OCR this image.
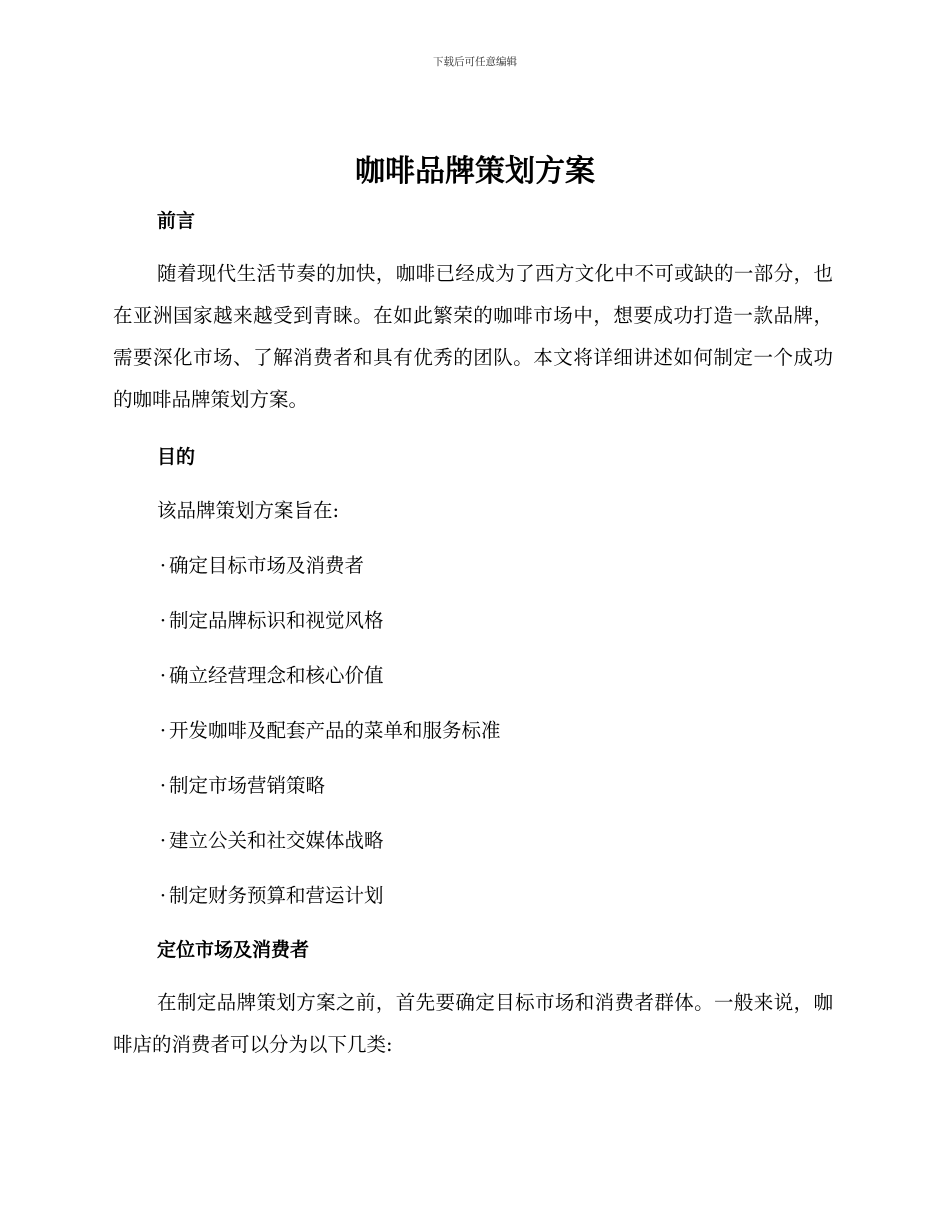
下载后可任意编辑
咖啡品牌策划方案
前言

随着现代生活节奏的加快，咖啡已经成为了西方文化中不可或缺的一部分，也在亚洲国家越来越受到青睐。在如此繁荣的咖啡市场中，想要成功打造一款品牌，需要深化市场、了解消费者和具有优秀的团队。本文将详细讲述如何制定一个成功的咖啡品牌策划方案。

目的

该品牌策划方案旨在:

· 确定目标市场及消费者
· 制定品牌标识和视觉风格
· 确立经营理念和核心价值
· 开发咖啡及配套产品的菜单和服务标准
· 制定市场营销策略
· 建立公关和社交媒体战略
· 制定财务预算和营运计划
定位市场及消费者

在制定品牌策划方案之前，首先要确定目标市场和消费者群体。一般来说，咖啡店的消费者可以分为以下几类:
